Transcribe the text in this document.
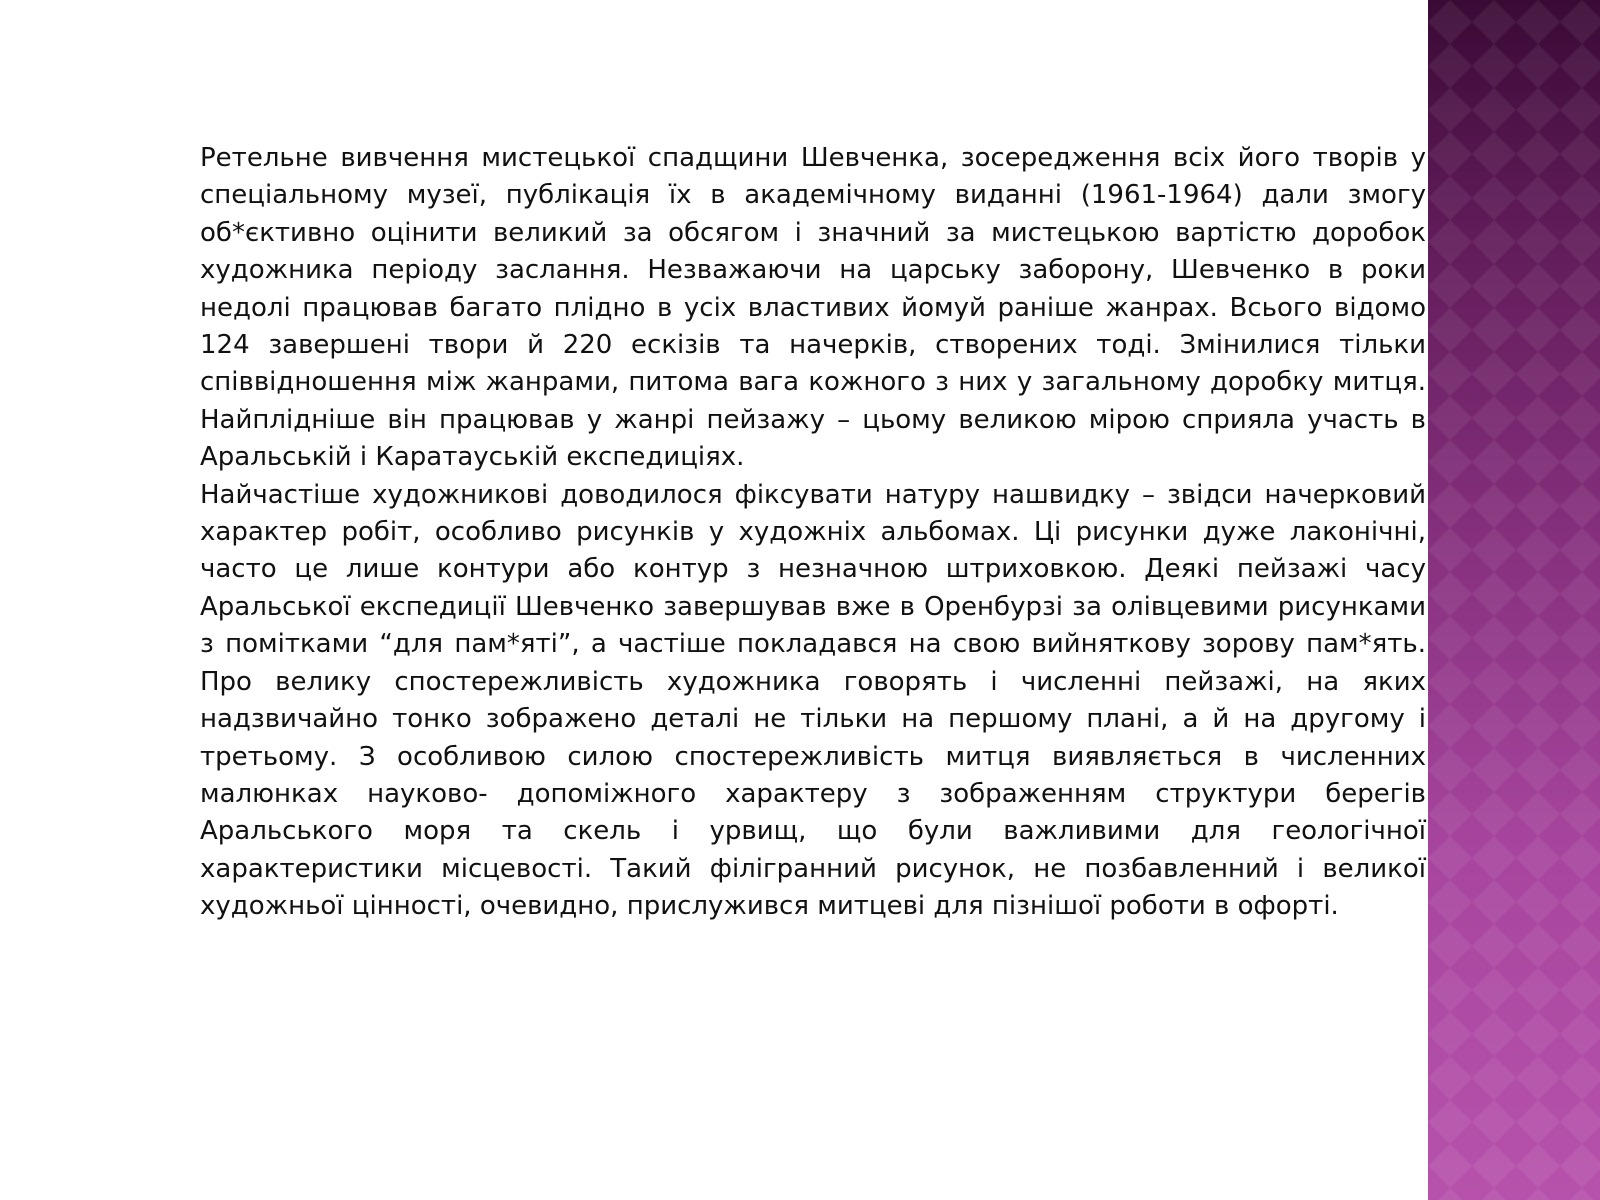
Ретельне вивчення мистецької спадщини Шевченка, зосередження всіх його творів у спеціальному музеї, публікація їх в академічному виданні (1961-1964) дали змогу об*єктивно оцінити великий за обсягом і значний за мистецькою вартістю доробок художника періоду заслання. Незважаючи на царську заборону, Шевченко в роки недолі працював багато плідно в усіх властивих йомуй раніше жанрах. Всього відомо 124 завершені твори й 220 ескізів та начерків, створених тоді. Змінилися тільки співвідношення між жанрами, питома вага кожного з них у загальному доробку митця. Найплідніше він працював у жанрі пейзажу – цьому великою мірою сприяла участь в Аральській і Каратауській експедиціях.

Найчастіше художникові доводилося фіксувати натуру нашвидку – звідси начерковий характер робіт, особливо рисунків у художніх альбомах. Ці рисунки дуже лаконічні, часто це лише контури або контур з незначною штриховкою. Деякі пейзажі часу Аральської експедиції Шевченко завершував вже в Оренбурзі за олівцевими рисунками з помітками “для пам*яті”, а частіше покладався на свою вийняткову зорову пам*ять. Про велику спостережливість художника говорять і численні пейзажі, на яких надзвичайно тонко зображено деталі не тільки на першому плані, а й на другому і третьому. З особливою силою спостережливість митця виявляється в численних малюнках науково- допоміжного характеру з зображенням структури берегів Аральського моря та скель і урвищ, що були важливими для геологічної характеристики місцевості. Такий філігранний рисунок, не позбавленний і великої художньої цінності, очевидно, прислужився митцеві для пізнішої роботи в офорті.
